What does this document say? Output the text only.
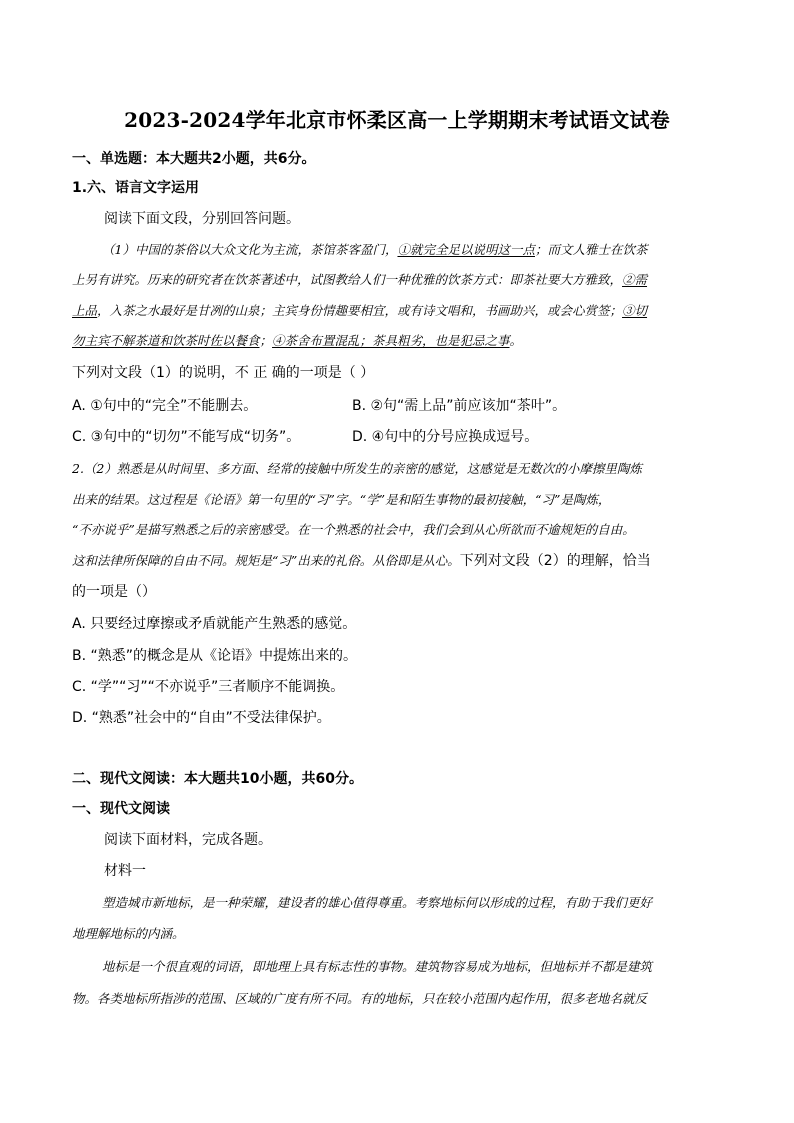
2023-2024学年北京市怀柔区高一上学期期末考试语文试卷
一、单选题：本大题共2小题，共6分。
1.六、语言文字运用
阅读下面文段，分别回答问题。
（1）中国的茶俗以大众文化为主流，茶馆茶客盈门，①就完全足以说明这一点；而文人雅士在饮茶
上另有讲究。历来的研究者在饮茶著述中，试图教给人们一种优雅的饮茶方式：即茶社要大方雅致，②需
上品，入茶之水最好是甘冽的山泉；主宾身份情趣要相宜，或有诗文唱和，书画助兴，或会心赏签；③切
勿主宾不解茶道和饮茶时佐以餐食；④茶舍布置混乱；茶具粗劣，也是犯忌之事。
下列对文段（1）的说明，不 正 确的一项是（ ）
A. ①句中的“完全”不能删去。	B. ②句“需上品”前应该加“茶叶”。
C. ③句中的“切勿”不能写成“切务”。	D. ④句中的分号应换成逗号。
2.（2）熟悉是从时间里、多方面、经常的接触中所发生的亲密的感觉，这感觉是无数次的小摩擦里陶炼
出来的结果。这过程是《论语》第一句里的“习”字。“学”是和陌生事物的最初接触，“习”是陶炼，
“不亦说乎”是描写熟悉之后的亲密感受。在一个熟悉的社会中，我们会到从心所欲而不逾规矩的自由。
这和法律所保障的自由不同。规矩是“习”出来的礼俗。从俗即是从心。下列对文段（2）的理解，恰当
的一项是（）
A. 只要经过摩擦或矛盾就能产生熟悉的感觉。
B. “熟悉”的概念是从《论语》中提炼出来的。
C. “学”“习”“不亦说乎”三者顺序不能调换。
D. “熟悉”社会中的“自由”不受法律保护。
二、现代文阅读：本大题共10小题，共60分。
一、现代文阅读
阅读下面材料，完成各题。
材料一
塑造城市新地标，是一种荣耀，建设者的雄心值得尊重。考察地标何以形成的过程，有助于我们更好
地理解地标的内涵。
地标是一个很直观的词语，即地理上具有标志性的事物。建筑物容易成为地标，但地标并不都是建筑
物。各类地标所指涉的范围、区域的广度有所不同。有的地标，只在较小范围内起作用，很多老地名就反
